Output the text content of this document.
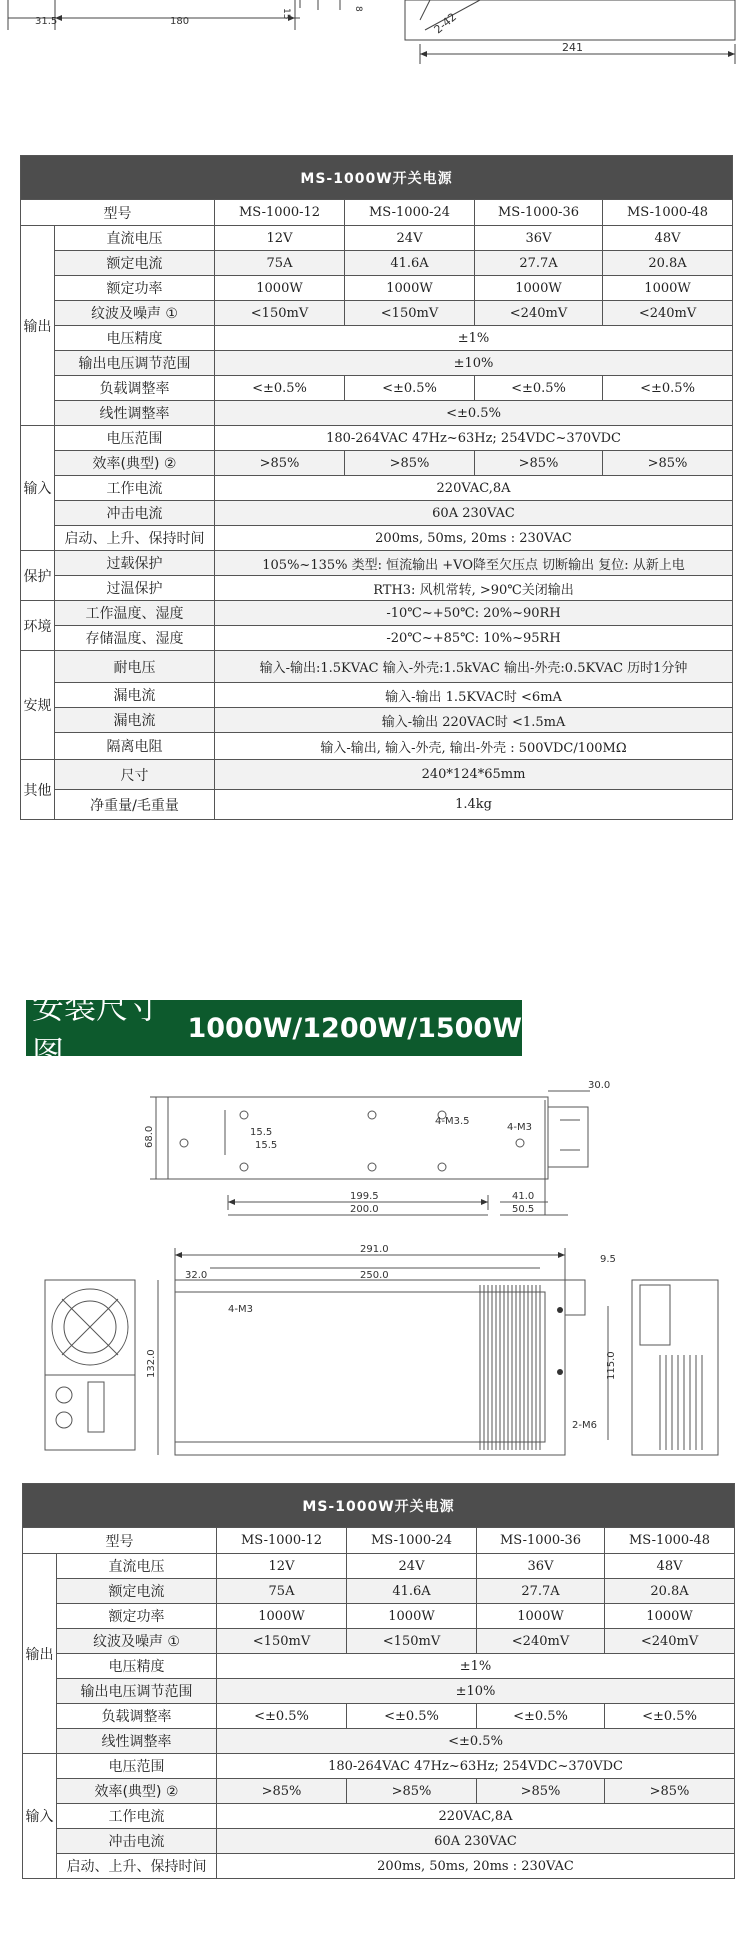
31.5	180
15	8
2-42
241
MS-1000W开关电源					
型号		MS-1000-12	MS-1000-24	MS-1000-36	MS-1000-48
输出	直流电压	12V	24V	36V	48V
	额定电流	75A	41.6A	27.7A	20.8A
	额定功率	1000W	1000W	1000W	1000W
	纹波及噪声 ①	<150mV	<150mV	<240mV	<240mV
	电压精度	±1%			
	输出电压调节范围	±10%			
	负载调整率	<±0.5%	<±0.5%	<±0.5%	<±0.5%
	线性调整率	<±0.5%			
输入	电压范围	180-264VAC 47Hz~63Hz; 254VDC~370VDC			
	效率(典型) ②	>85%	>85%	>85%	>85%
	工作电流	220VAC,8A			
	冲击电流	60A 230VAC			
	启动、上升、保持时间	200ms, 50ms, 20ms : 230VAC			
保护	过载保护	105%~135% 类型: 恒流输出 +VO降至欠压点 切断输出 复位: 从新上电			
	过温保护	RTH3: 风机常转, >90℃关闭输出			
环境	工作温度、湿度	-10℃~+50℃: 20%~90RH			
	存储温度、湿度	-20℃~+85℃: 10%~95RH			
安规	耐电压	输入-输出:1.5KVAC 输入-外壳:1.5kVAC 输出-外壳:0.5KVAC 历时1分钟			
	漏电流	输入-输出 1.5KVAC时 <6mA			
	漏电流	输入-输出 220VAC时 <1.5mA			
	隔离电阻	输入-输出, 输入-外壳, 输出-外壳 : 500VDC/100MΩ			
其他	尺寸	240*124*65mm			
	净重量/毛重量	1.4kg			
安装尺寸图
1000W/1200W/1500W
30.0
68.0	15.5
15.5
4-M3.5
4-M3
199.5	41.0
200.0	50.5
291.0
9.5
32.0	250.0
4-M3
132.0	115.0
2-M6
MS-1000W开关电源					
型号		MS-1000-12	MS-1000-24	MS-1000-36	MS-1000-48
输出	直流电压	12V	24V	36V	48V
	额定电流	75A	41.6A	27.7A	20.8A
	额定功率	1000W	1000W	1000W	1000W
	纹波及噪声 ①	<150mV	<150mV	<240mV	<240mV
	电压精度	±1%			
	输出电压调节范围	±10%			
	负载调整率	<±0.5%	<±0.5%	<±0.5%	<±0.5%
	线性调整率	<±0.5%			
输入	电压范围	180-264VAC 47Hz~63Hz; 254VDC~370VDC			
	效率(典型) ②	>85%	>85%	>85%	>85%
	工作电流	220VAC,8A			
	冲击电流	60A 230VAC			
	启动、上升、保持时间	200ms, 50ms, 20ms : 230VAC			
